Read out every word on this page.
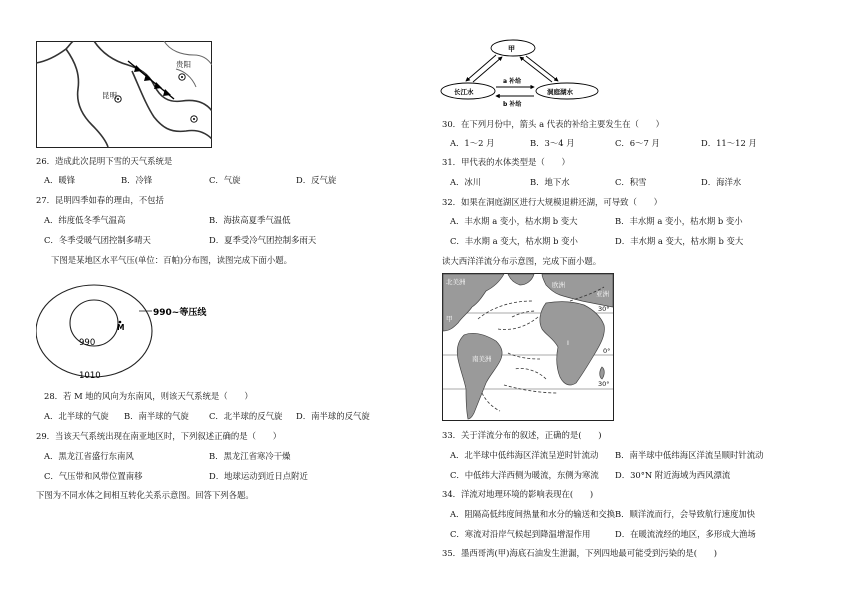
贵阳
昆明
26．造成此次昆明下雪的天气系统是
A．暖锋	B．冷锋	C．气旋	D．反气旋
27．昆明四季如春的理由，不包括
A．纬度低冬季气温高	B．海拔高夏季气温低
C．冬季受暖气团控制多晴天	D．夏季受冷气团控制多雨天
下图是某地区水平气压(单位：百帕)分布图，读图完成下面小题。
M
990~等压线
990
1010
28．若 M 地的风向为东南风，则该天气系统是（　　）
A．北半球的气旋 B．南半球的气旋 C．北半球的反气旋 D．南半球的反气旋
29．当该天气系统出现在南亚地区时，下列叙述正确的是（　　）
A．黑龙江省盛行东南风	B．黑龙江省寒冷干燥
C．气压带和风带位置南移	D．地球运动到近日点附近
下图为不同水体之间相互转化关系示意图。回答下列各题。
甲
长江水	洞庭湖水
a 补给
b 补给
30．在下列月份中，箭头 a 代表的补给主要发生在（　　）
A．1～2 月	B．3～4 月	C．6～7 月	D．11～12 月
31．甲代表的水体类型是（　　）
A．冰川	B．地下水	C．积雪	D．海洋水
32．如果在洞庭湖区进行大规模退耕还湖，可导致（　　）
A．丰水期 a 变小，枯水期 b 变大	B．丰水期 a 变小，枯水期 b 变小
C．丰水期 a 变大，枯水期 b 变小	D．丰水期 a 变大，枯水期 b 变大
读大西洋洋流分布示意图，完成下面小题。
北美洲	欧洲
亚洲
南美洲
甲
Ⅰ
30°
0°
30°
33．关于洋流分布的叙述，正确的是(　　)
A．北半球中低纬海区洋流呈逆时针流动 B．南半球中低纬海区洋流呈顺时针流动
C．中低纬大洋西侧为暖流，东侧为寒流 D．30°N 附近海域为西风漂流
34．洋流对地理环境的影响表现在(　　)
A．阻隔高低纬度间热量和水分的输送和交换 B．顺洋流而行，会导致航行速度加快
C．寒流对沿岸气候起到降温增湿作用	D．在暖流流经的地区，多形成大渔场
35．墨西哥湾(甲)海底石油发生泄漏，下列四地最可能受到污染的是(　　)
